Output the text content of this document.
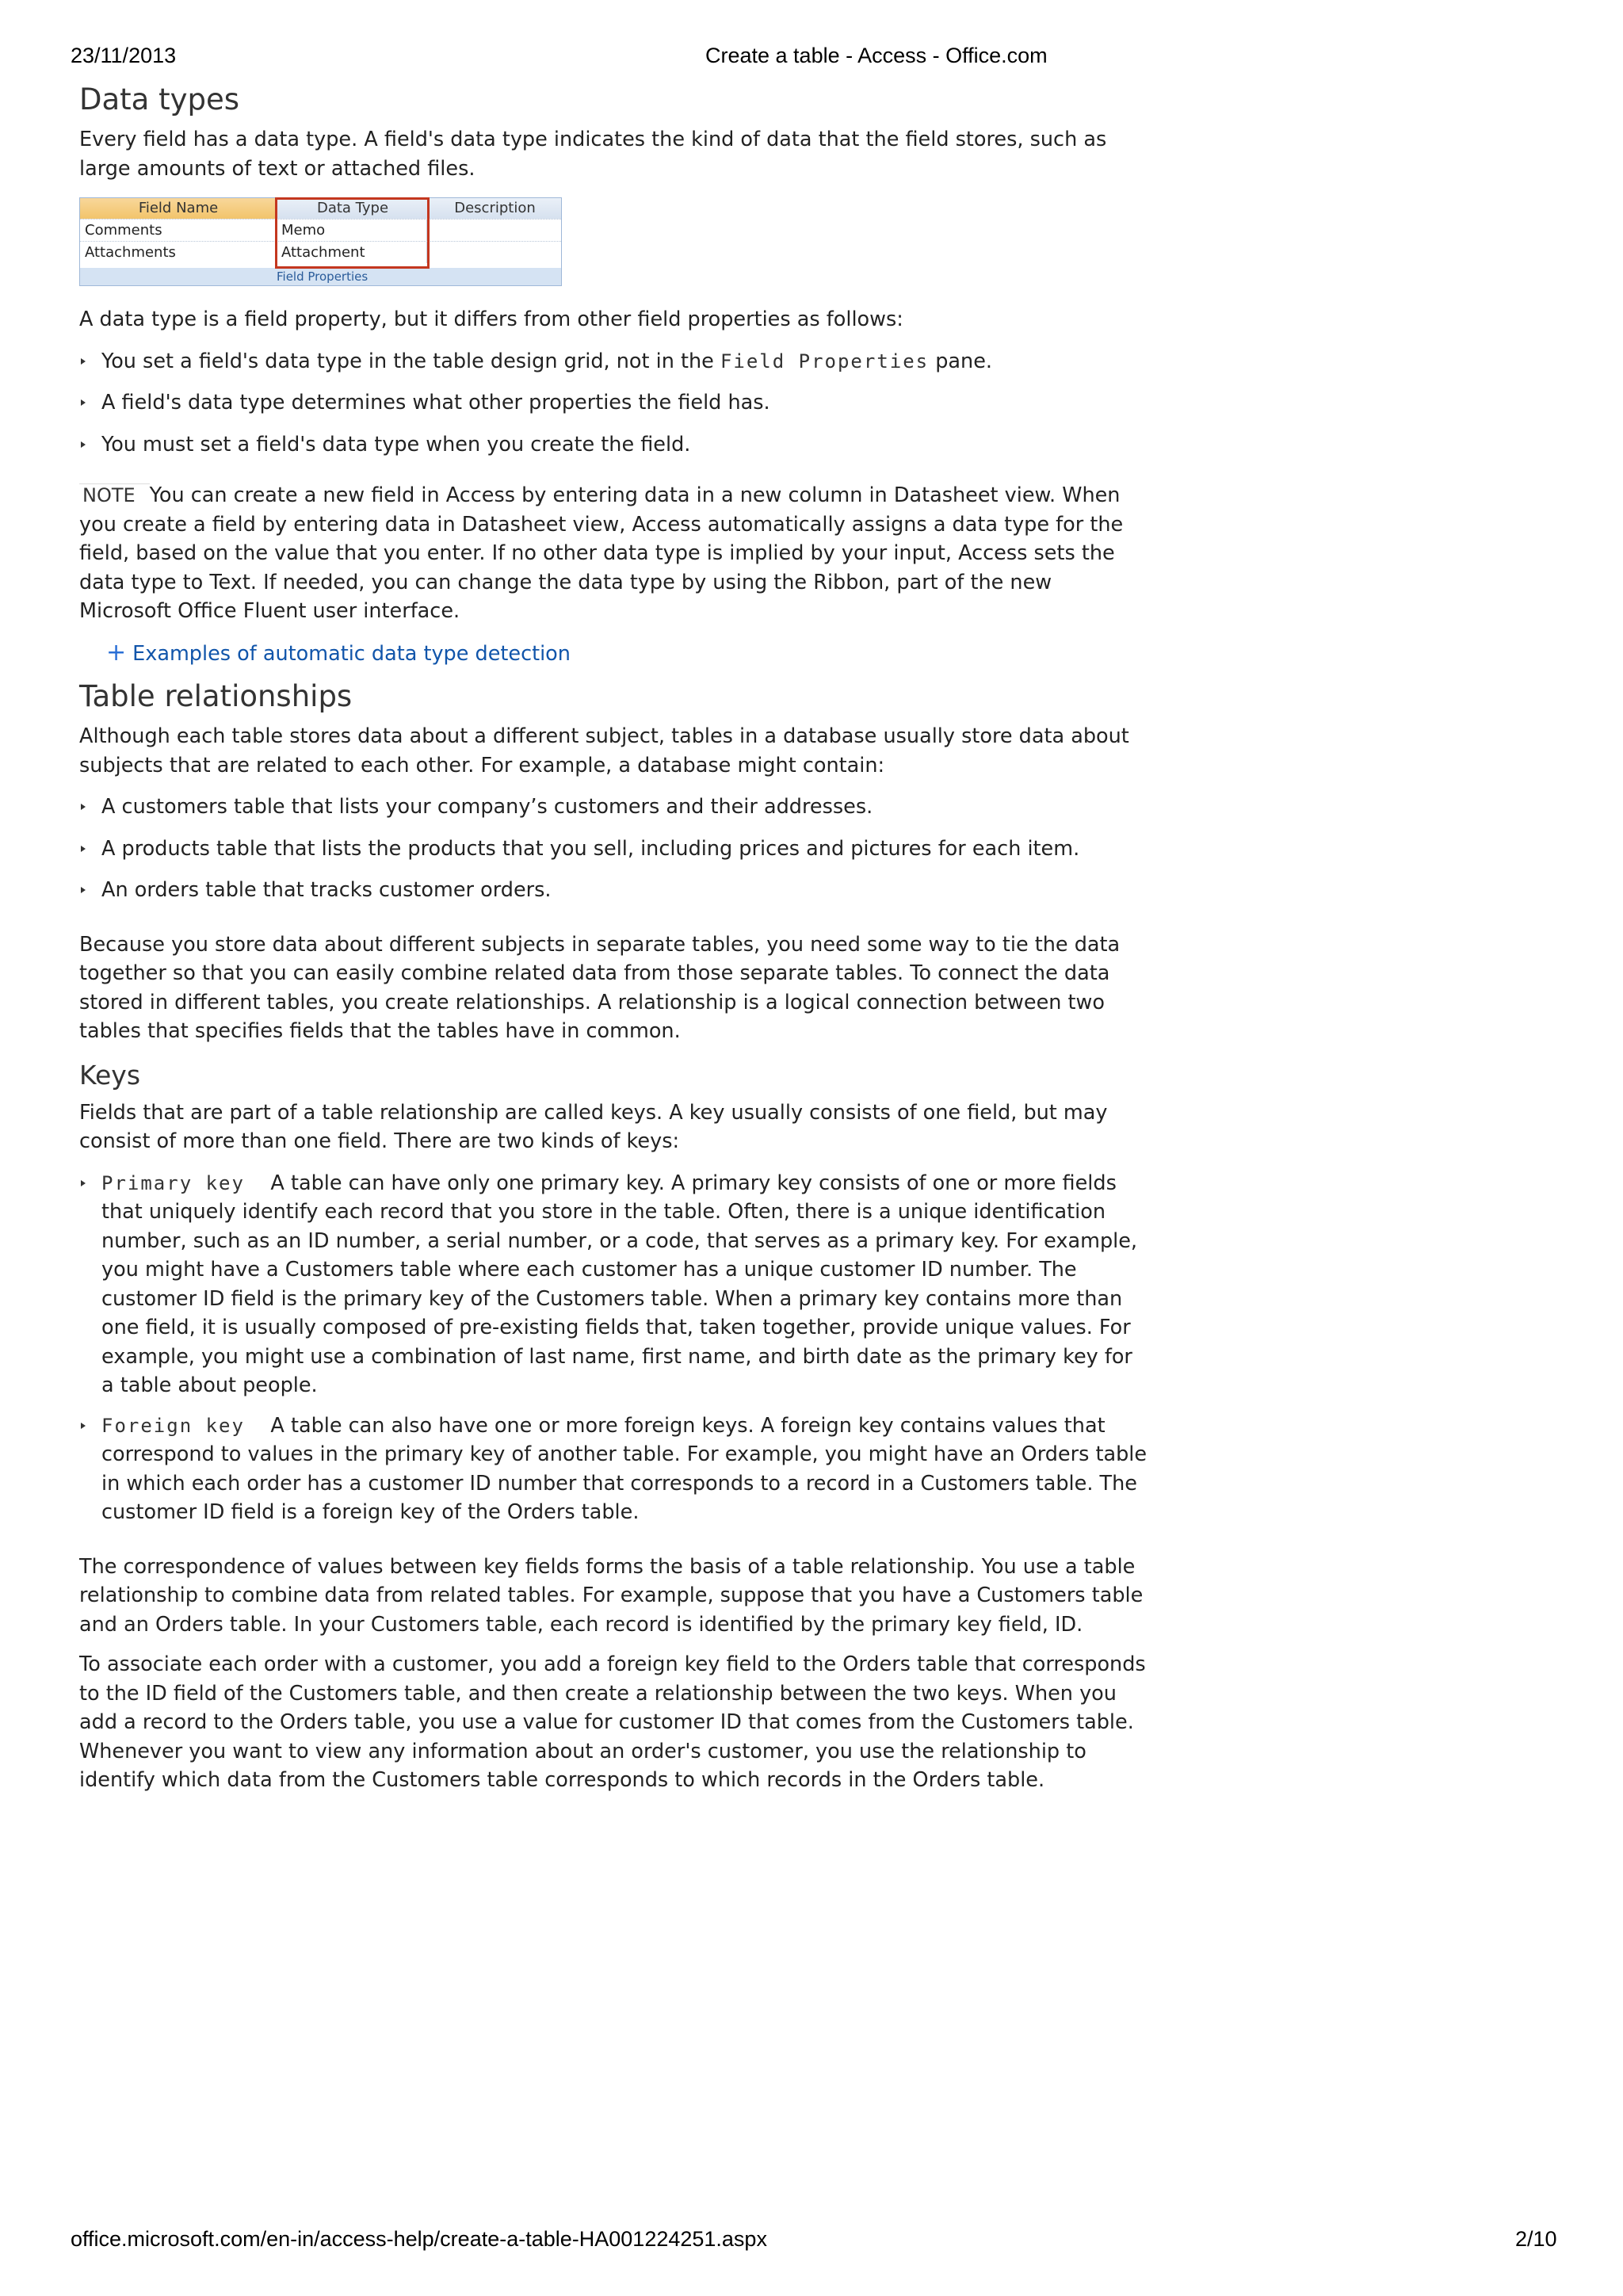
23/11/2013	Create a table - Access - Office.com
Data types

Every field has a data type. A field's data type indicates the kind of data that the field stores, such as large amounts of text or attached files.

Field Name	Data Type	Description
Comments	Memo
Attachments	Attachment
Field Properties

A data type is a field property, but it differs from other field properties as follows:

You set a field's data type in the table design grid, not in the Field Properties pane.
A field's data type determines what other properties the field has.
You must set a field's data type when you create the field.

NOTE You can create a new field in Access by entering data in a new column in Datasheet view. When you create a field by entering data in Datasheet view, Access automatically assigns a data type for the field, based on the value that you enter. If no other data type is implied by your input, Access sets the data type to Text. If needed, you can change the data type by using the Ribbon, part of the new Microsoft Office Fluent user interface.

+ Examples of automatic data type detection
Table relationships

Although each table stores data about a different subject, tables in a database usually store data about subjects that are related to each other. For example, a database might contain:

A customers table that lists your company’s customers and their addresses.
A products table that lists the products that you sell, including prices and pictures for each item.
An orders table that tracks customer orders.

Because you store data about different subjects in separate tables, you need some way to tie the data together so that you can easily combine related data from those separate tables. To connect the data stored in different tables, you create relationships. A relationship is a logical connection between two tables that specifies fields that the tables have in common.

Keys

Fields that are part of a table relationship are called keys. A key usually consists of one field, but may consist of more than one field. There are two kinds of keys:

Primary key A table can have only one primary key. A primary key consists of one or more fields that uniquely identify each record that you store in the table. Often, there is a unique identification number, such as an ID number, a serial number, or a code, that serves as a primary key. For example, you might have a Customers table where each customer has a unique customer ID number. The customer ID field is the primary key of the Customers table. When a primary key contains more than one field, it is usually composed of pre-existing fields that, taken together, provide unique values. For example, you might use a combination of last name, first name, and birth date as the primary key for a table about people.
Foreign key A table can also have one or more foreign keys. A foreign key contains values that correspond to values in the primary key of another table. For example, you might have an Orders table in which each order has a customer ID number that corresponds to a record in a Customers table. The customer ID field is a foreign key of the Orders table.

The correspondence of values between key fields forms the basis of a table relationship. You use a table relationship to combine data from related tables. For example, suppose that you have a Customers table and an Orders table. In your Customers table, each record is identified by the primary key field, ID.

To associate each order with a customer, you add a foreign key field to the Orders table that corresponds to the ID field of the Customers table, and then create a relationship between the two keys. When you add a record to the Orders table, you use a value for customer ID that comes from the Customers table. Whenever you want to view any information about an order's customer, you use the relationship to identify which data from the Customers table corresponds to which records in the Orders table.

office.microsoft.com/en-in/access-help/create-a-table-HA001224251.aspx	2/10
